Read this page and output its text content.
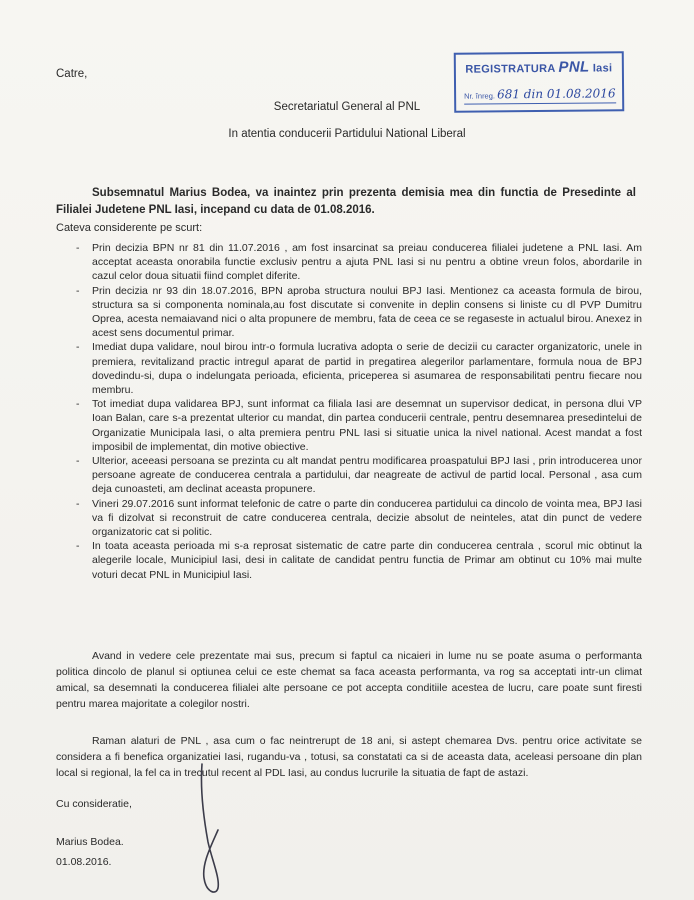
Catre,	REGISTRATURA PNL Iasi
Nr. înreg. 681 din 01.08.2016
Secretariatul General al PNL
In atentia conducerii Partidului National Liberal
Subsemnatul Marius Bodea, va inaintez prin prezenta demisia mea din functia de Presedinte al Filialei Judetene PNL Iasi, incepand cu data de 01.08.2016.
Cateva considerente pe scurt:
- Prin decizia BPN nr 81 din 11.07.2016 , am fost insarcinat sa preiau conducerea filialei judetene a PNL Iasi. Am acceptat aceasta onorabila functie exclusiv pentru a ajuta PNL Iasi si nu pentru a obtine vreun folos, abordarile in cazul celor doua situatii fiind complet diferite.
- Prin decizia nr 93 din 18.07.2016, BPN aproba structura noului BPJ Iasi. Mentionez ca aceasta formula de birou, structura sa si componenta nominala,au fost discutate si convenite in deplin consens si liniste cu dl PVP Dumitru Oprea, acesta nemaiavand nici o alta propunere de membru, fata de ceea ce se regaseste in actualul birou. Anexez in acest sens documentul primar.
- Imediat dupa validare, noul birou intr-o formula lucrativa adopta o serie de decizii cu caracter organizatoric, unele in premiera, revitalizand practic intregul aparat de partid in pregatirea alegerilor parlamentare, formula noua de BPJ dovedindu-si, dupa o indelungata perioada, eficienta, priceperea si asumarea de responsabilitati pentru fiecare nou membru.
- Tot imediat dupa validarea BPJ, sunt informat ca filiala Iasi are desemnat un supervisor dedicat, in persona dlui VP Ioan Balan, care s-a prezentat ulterior cu mandat, din partea conducerii centrale, pentru desemnarea presedintelui de Organizatie Municipala Iasi, o alta premiera pentru PNL Iasi si situatie unica la nivel national. Acest mandat a fost imposibil de implementat, din motive obiective.
- Ulterior, aceeasi persoana se prezinta cu alt mandat pentru modificarea proaspatului BPJ Iasi , prin introducerea unor persoane agreate de conducerea centrala a partidului, dar neagreate de activul de partid local. Personal , asa cum deja cunoasteti, am declinat aceasta propunere.
- Vineri 29.07.2016 sunt informat telefonic de catre o parte din conducerea partidului ca dincolo de vointa mea, BPJ Iasi va fi dizolvat si reconstruit de catre conducerea centrala, decizie absolut de neinteles, atat din punct de vedere organizatoric cat si politic.
- In toata aceasta perioada mi s-a reprosat sistematic de catre parte din conducerea centrala , scorul mic obtinut la alegerile locale, Municipiul Iasi, desi in calitate de candidat pentru functia de Primar am obtinut cu 10% mai multe voturi decat PNL in Municipiul Iasi.
Avand in vedere cele prezentate mai sus, precum si faptul ca nicaieri in lume nu se poate asuma o performanta politica dincolo de planul si optiunea celui ce este chemat sa faca aceasta performanta, va rog sa acceptati intr-un climat amical, sa desemnati la conducerea filialei alte persoane ce pot accepta conditiile acestea de lucru, care poate sunt firesti pentru marea majoritate a colegilor nostri.
Raman alaturi de PNL , asa cum o fac neintrerupt de 18 ani, si astept chemarea Dvs. pentru orice activitate se considera a fi benefica organizatiei Iasi, rugandu-va , totusi, sa constatati ca si de aceasta data, aceleasi persoane din plan local si regional, la fel ca in trecutul recent al PDL Iasi, au condus lucrurile la situatia de fapt de astazi.
Cu consideratie,
Marius Bodea.
01.08.2016.
